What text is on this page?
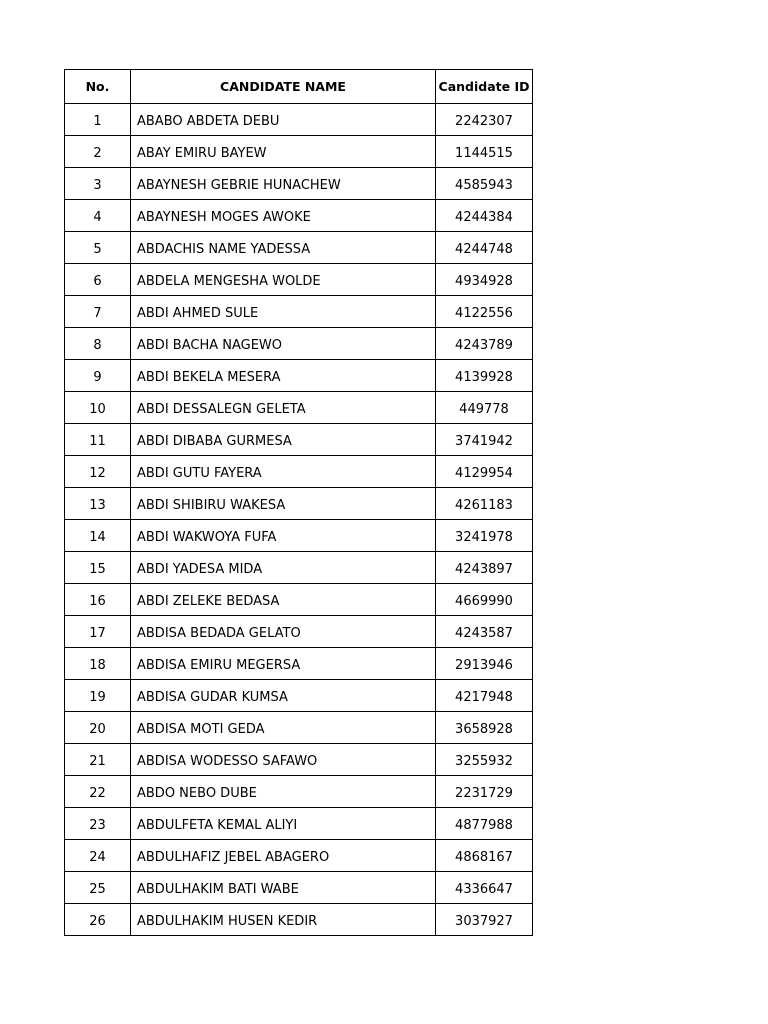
No.	CANDIDATE NAME	Candidate ID
1	ABABO ABDETA DEBU	2242307
2	ABAY EMIRU BAYEW	1144515
3	ABAYNESH GEBRIE HUNACHEW	4585943
4	ABAYNESH MOGES AWOKE	4244384
5	ABDACHIS NAME YADESSA	4244748
6	ABDELA MENGESHA WOLDE	4934928
7	ABDI AHMED SULE	4122556
8	ABDI BACHA NAGEWO	4243789
9	ABDI BEKELA MESERA	4139928
10	ABDI DESSALEGN GELETA	449778
11	ABDI DIBABA GURMESA	3741942
12	ABDI GUTU FAYERA	4129954
13	ABDI SHIBIRU WAKESA	4261183
14	ABDI WAKWOYA FUFA	3241978
15	ABDI YADESA MIDA	4243897
16	ABDI ZELEKE BEDASA	4669990
17	ABDISA BEDADA GELATO	4243587
18	ABDISA EMIRU MEGERSA	2913946
19	ABDISA GUDAR KUMSA	4217948
20	ABDISA MOTI GEDA	3658928
21	ABDISA WODESSO SAFAWO	3255932
22	ABDO NEBO DUBE	2231729
23	ABDULFETA KEMAL ALIYI	4877988
24	ABDULHAFIZ JEBEL ABAGERO	4868167
25	ABDULHAKIM BATI WABE	4336647
26	ABDULHAKIM HUSEN KEDIR	3037927
